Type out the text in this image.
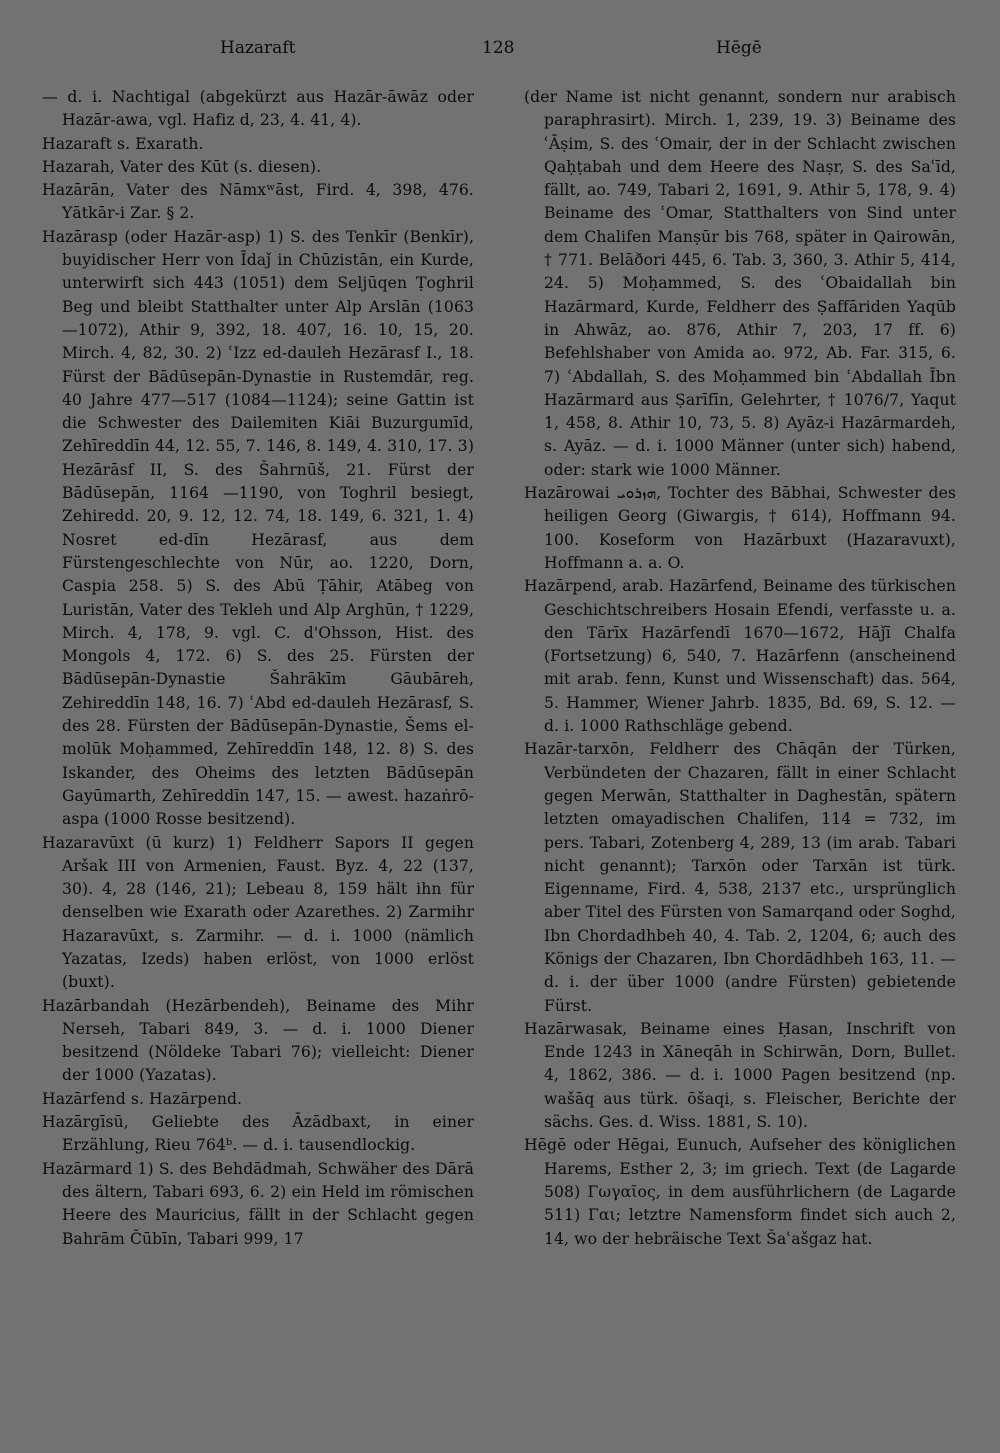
Hazaraft	128	Hēgē

— d. i. Nachtigal (abgekürzt aus Hazār-āwāz oder Hazār-awa, vgl. Hafiz d, 23, 4. 41, 4).

Hazaraft s. Exarath.

Hazarah, Vater des Kūt (s. diesen).

Hazārān, Vater des Nāmxʷāst, Fird. 4, 398, 476. Yātkār-i Zar. § 2.

Hazārasp (oder Hazār-asp) 1) S. des Tenkīr (Benkīr), buyidischer Herr von Īdaǰ in Chūzistān, ein Kurde, unterwirft sich 443 (1051) dem Seljūqen Ṭoghril Beg und bleibt Statthalter unter Alp Arslān (1063—1072), Athir 9, 392, 18. 407, 16. 10, 15, 20. Mirch. 4, 82, 30. 2) ʿIzz ed-dauleh Hezārasf I., 18. Fürst der Bādūsepān-Dynastie in Rustemdār, reg. 40 Jahre 477—517 (1084—1124); seine Gattin ist die Schwester des Dailemiten Kiāi Buzurgumīd, Zehīreddīn 44, 12. 55, 7. 146, 8. 149, 4. 310, 17. 3) Hezārāsf II, S. des Šahrnūš, 21. Fürst der Bādūsepān, 1164 —1190, von Toghril besiegt, Zehiredd. 20, 9. 12, 12. 74, 18. 149, 6. 321, 1. 4) Nosret ed-dīn Hezārasf, aus dem Fürstengeschlechte von Nūr, ao. 1220, Dorn, Caspia 258. 5) S. des Abū Ṭāhir, Atābeg von Luristān, Vater des Tekleh und Alp Arghūn, † 1229, Mirch. 4, 178, 9. vgl. C. d'Ohsson, Hist. des Mongols 4, 172. 6) S. des 25. Fürsten der Bādūsepān-Dynastie Šahrākīm Gāubāreh, Zehireddīn 148, 16. 7) ʿAbd ed-dauleh Hezārasf, S. des 28. Fürsten der Bādūsepān-Dynastie, Šems el-molūk Moḥammed, Zehīreddīn 148, 12. 8) S. des Iskander, des Oheims des letzten Bādūsepān Gayūmarth, Zehīreddīn 147, 15. — awest. hazaṅrō-aspa (1000 Rosse besitzend).

Hazaravūxt (ū kurz) 1) Feldherr Sapors II gegen Aršak III von Armenien, Faust. Byz. 4, 22 (137, 30). 4, 28 (146, 21); Lebeau 8, 159 hält ihn für denselben wie Exarath oder Azarethes. 2) Zarmihr Hazaravūxt, s. Zarmihr. — d. i. 1000 (nämlich Yazatas, Izeds) haben erlöst, von 1000 erlöst (buxt).

Hazārbandah (Hezārbendeh), Beiname des Mihr Nerseh, Tabari 849, 3. — d. i. 1000 Diener besitzend (Nöldeke Tabari 76); vielleicht: Diener der 1000 (Yazatas).

Hazārfend s. Hazārpend.

Hazārgīsū, Geliebte des Āzādbaxt, in einer Erzählung, Rieu 764ᵇ. — d. i. tausendlockig.

Hazārmard 1) S. des Behdādmah, Schwäher des Dārā des ältern, Tabari 693, 6. 2) ein Held im römischen Heere des Mauricius, fällt in der Schlacht gegen Bahrām Čūbīn, Tabari 999, 17

(der Name ist nicht genannt, sondern nur arabisch paraphrasirt). Mirch. 1, 239, 19. 3) Beiname des ʿĀṣim, S. des ʿOmair, der in der Schlacht zwischen Qaḥṭabah und dem Heere des Naṣr, S. des Saʿīd, fällt, ao. 749, Tabari 2, 1691, 9. Athir 5, 178, 9. 4) Beiname des ʿOmar, Statthalters von Sind unter dem Chalifen Manṣūr bis 768, später in Qairowān, † 771. Belāðori 445, 6. Tab. 3, 360, 3. Athir 5, 414, 24. 5) Moḥammed, S. des ʿObaidallah bin Hazārmard, Kurde, Feldherr des Ṣaffāriden Yaqūb in Ahwāz, ao. 876, Athir 7, 203, 17 ff. 6) Befehlshaber von Amida ao. 972, Ab. Far. 315, 6. 7) ʿAbdallah, S. des Moḥammed bin ʿAbdallah Ībn Hazārmard aus Ṣarīfīn, Gelehrter, † 1076/7, Yaqut 1, 458, 8. Athir 10, 73, 5. 8) Ayāz-i Hazārmardeh, s. Ayāz. — d. i. 1000 Männer (unter sich) habend, oder: stark wie 1000 Männer.

Hazārowai ܗܙܪܘܝ, Tochter des Bābhai, Schwester des heiligen Georg (Giwargis, † 614), Hoffmann 94. 100. Koseform von Hazārbuxt (Hazaravuxt), Hoffmann a. a. O.

Hazārpend, arab. Hazārfend, Beiname des türkischen Geschichtschreibers Hosain Efendi, verfasste u. a. den Tārīx Hazārfendī 1670—1672, Hāǰī Chalfa (Fortsetzung) 6, 540, 7. Hazārfenn (anscheinend mit arab. fenn, Kunst und Wissenschaft) das. 564, 5. Hammer, Wiener Jahrb. 1835, Bd. 69, S. 12. — d. i. 1000 Rathschläge gebend.

Hazār-tarxōn, Feldherr des Chāqān der Türken, Verbündeten der Chazaren, fällt in einer Schlacht gegen Merwān, Statthalter in Daghestān, spätern letzten omayadischen Chalifen, 114 = 732, im pers. Tabari, Zotenberg 4, 289, 13 (im arab. Tabari nicht genannt); Tarxōn oder Tarxān ist türk. Eigenname, Fird. 4, 538, 2137 etc., ursprünglich aber Titel des Fürsten von Samarqand oder Soghd, Ibn Chordadhbeh 40, 4. Tab. 2, 1204, 6; auch des Königs der Chazaren, Ibn Chordādhbeh 163, 11. — d. i. der über 1000 (andre Fürsten) gebietende Fürst.

Hazārwasak, Beiname eines Ḥasan, Inschrift von Ende 1243 in Xāneqāh in Schirwān, Dorn, Bullet. 4, 1862, 386. — d. i. 1000 Pagen besitzend (np. wašāq aus türk. ōšaqi, s. Fleischer, Berichte der sächs. Ges. d. Wiss. 1881, S. 10).

Hēgē oder Hēgai, Eunuch, Aufseher des königlichen Harems, Esther 2, 3; im griech. Text (de Lagarde 508) Γωγαῖος, in dem ausführlichern (de Lagarde 511) Γαι; letztre Namensform findet sich auch 2, 14, wo der hebräische Text Šaʿašgaz hat.
